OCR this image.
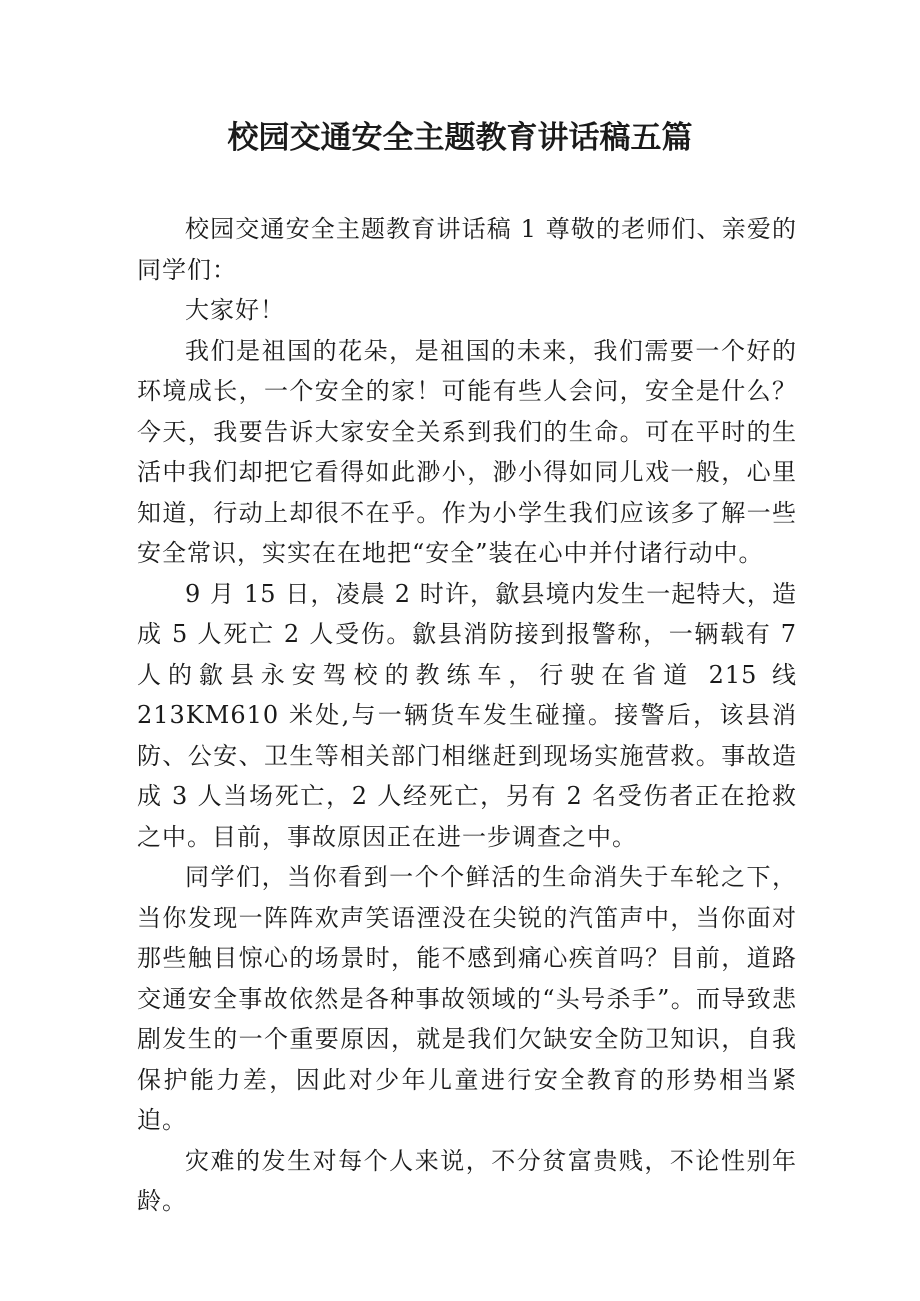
校园交通安全主题教育讲话稿五篇

校园交通安全主题教育讲话稿 1 尊敬的老师们、亲爱的同学们：

大家好！

我们是祖国的花朵，是祖国的未来，我们需要一个好的环境成长，一个安全的家！可能有些人会问，安全是什么？今天，我要告诉大家安全关系到我们的生命。可在平时的生活中我们却把它看得如此渺小，渺小得如同儿戏一般，心里知道，行动上却很不在乎。作为小学生我们应该多了解一些安全常识，实实在在地把“安全”装在心中并付诸行动中。

9 月 15 日，凌晨 2 时许，歙县境内发生一起特大，造成 5 人死亡 2 人受伤。歙县消防接到报警称，一辆载有 7 人的歙县永安驾校的教练车，行驶在省道 215 线 213KM610 米处,与一辆货车发生碰撞。接警后，该县消防、公安、卫生等相关部门相继赶到现场实施营救。事故造成 3 人当场死亡，2 人经死亡，另有 2 名受伤者正在抢救之中。目前，事故原因正在进一步调查之中。

同学们，当你看到一个个鲜活的生命消失于车轮之下，当你发现一阵阵欢声笑语湮没在尖锐的汽笛声中，当你面对那些触目惊心的场景时，能不感到痛心疾首吗？目前，道路交通安全事故依然是各种事故领域的“头号杀手”。而导致悲剧发生的一个重要原因，就是我们欠缺安全防卫知识，自我保护能力差，因此对少年儿童进行安全教育的形势相当紧迫。

灾难的发生对每个人来说，不分贫富贵贱，不论性别年龄。
